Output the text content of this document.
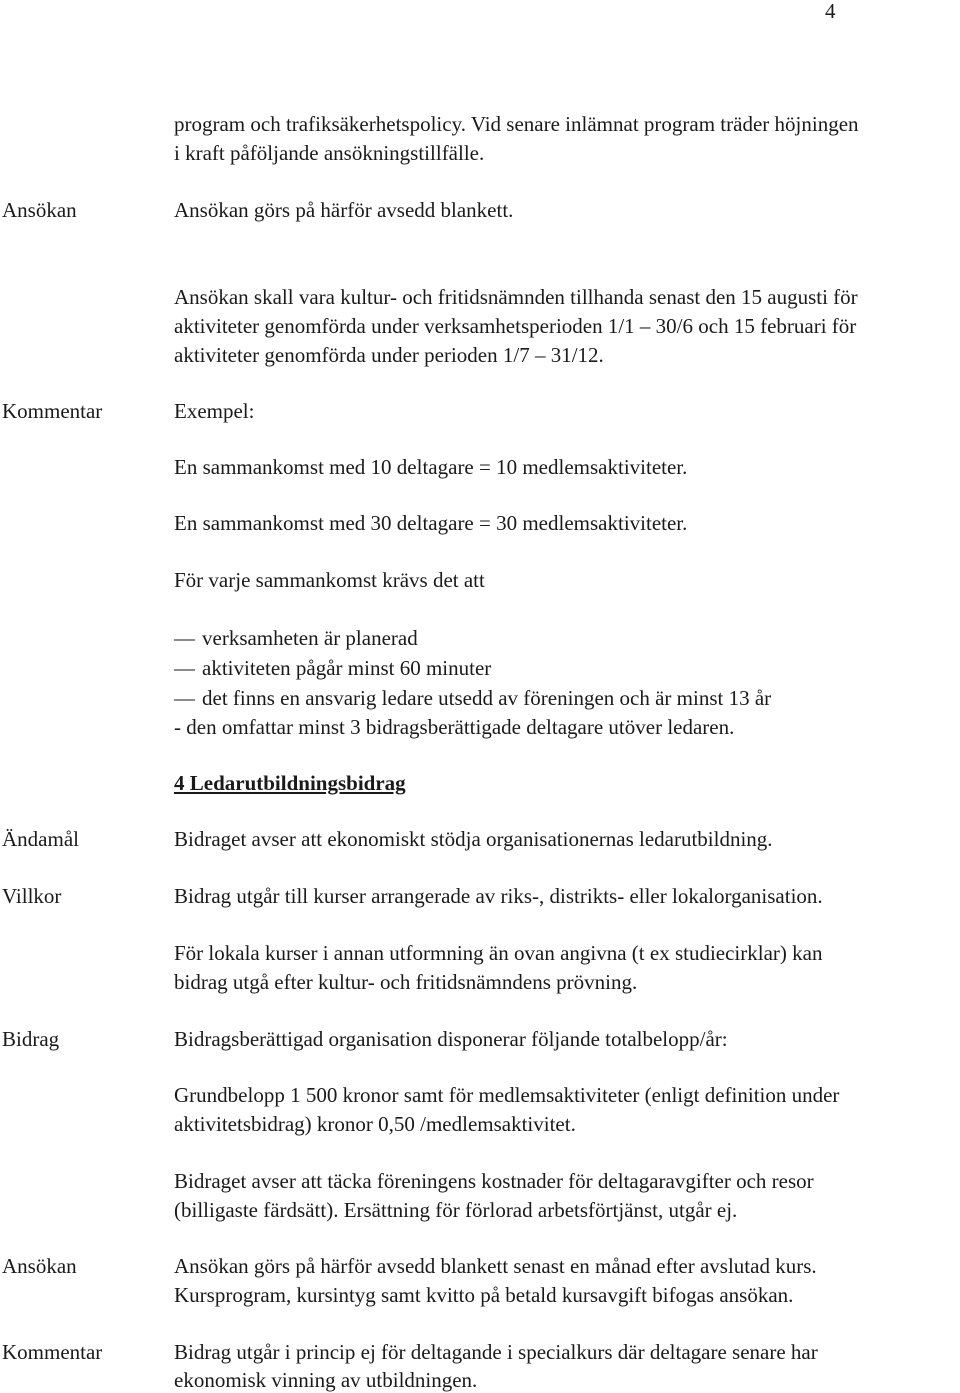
4
program och trafiksäkerhetspolicy. Vid senare inlämnat program träder höjningen
i kraft påföljande ansökningstillfälle.
Ansökan	Ansökan görs på härför avsedd blankett.
Ansökan skall vara kultur- och fritidsnämnden tillhanda senast den 15 augusti för
aktiviteter genomförda under verksamhetsperioden 1/1 – 30/6 och 15 februari för
aktiviteter genomförda under perioden 1/7 – 31/12.
Kommentar	Exempel:
En sammankomst med 10 deltagare = 10 medlemsaktiviteter.
En sammankomst med 30 deltagare = 30 medlemsaktiviteter.
För varje sammankomst krävs det att
— verksamheten är planerad
— aktiviteten pågår minst 60 minuter
— det finns en ansvarig ledare utsedd av föreningen och är minst 13 år
- den omfattar minst 3 bidragsberättigade deltagare utöver ledaren.
4 Ledarutbildningsbidrag
Ändamål	Bidraget avser att ekonomiskt stödja organisationernas ledarutbildning.
Villkor	Bidrag utgår till kurser arrangerade av riks-, distrikts- eller lokalorganisation.
För lokala kurser i annan utformning än ovan angivna (t ex studiecirklar) kan
bidrag utgå efter kultur- och fritidsnämndens prövning.
Bidrag	Bidragsberättigad organisation disponerar följande totalbelopp/år:
Grundbelopp 1 500 kronor samt för medlemsaktiviteter (enligt definition under
aktivitetsbidrag) kronor 0,50 /medlemsaktivitet.
Bidraget avser att täcka föreningens kostnader för deltagaravgifter och resor
(billigaste färdsätt). Ersättning för förlorad arbetsförtjänst, utgår ej.
Ansökan	Ansökan görs på härför avsedd blankett senast en månad efter avslutad kurs.
Kursprogram, kursintyg samt kvitto på betald kursavgift bifogas ansökan.
Kommentar	Bidrag utgår i princip ej för deltagande i specialkurs där deltagare senare har
ekonomisk vinning av utbildningen.
